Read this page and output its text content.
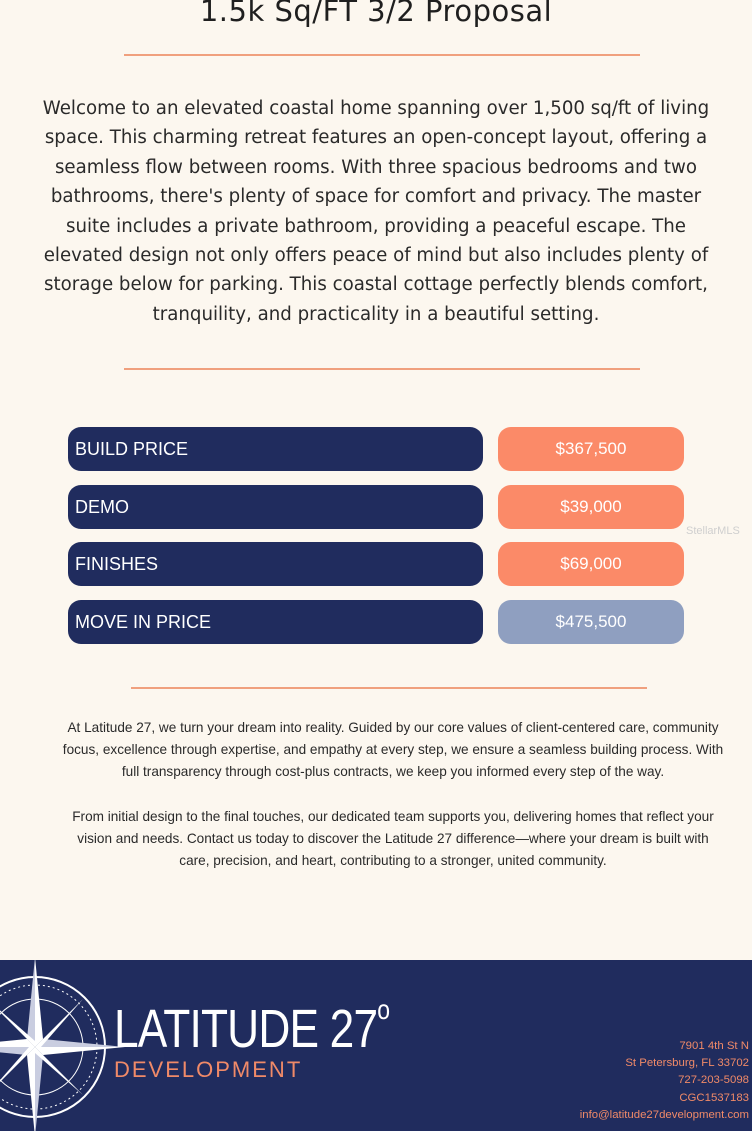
1.5k Sq/FT 3/2 Proposal
Welcome to an elevated coastal home spanning over 1,500 sq/ft of living space. This charming retreat features an open-concept layout, offering a seamless flow between rooms. With three spacious bedrooms and two bathrooms, there's plenty of space for comfort and privacy. The master suite includes a private bathroom, providing a peaceful escape. The elevated design not only offers peace of mind but also includes plenty of storage below for parking. This coastal cottage perfectly blends comfort, tranquility, and practicality in a beautiful setting.
BUILD PRICE	$367,500
DEMO	$39,000
FINISHES	$69,000
MOVE IN PRICE	$475,500
StellarMLS

At Latitude 27, we turn your dream into reality. Guided by our core values of client-centered care, community focus, excellence through expertise, and empathy at every step, we ensure a seamless building process. With full transparency through cost-plus contracts, we keep you informed every step of the way.

From initial design to the final touches, our dedicated team supports you, delivering homes that reflect your vision and needs. Contact us today to discover the Latitude 27 difference—where your dream is built with care, precision, and heart, contributing to a stronger, united community.

LATITUDE 27$^o$
DEVELOPMENT
7901 4th St N
St Petersburg, FL 33702
727-203-5098
CGC1537183
info@latitude27development.com
